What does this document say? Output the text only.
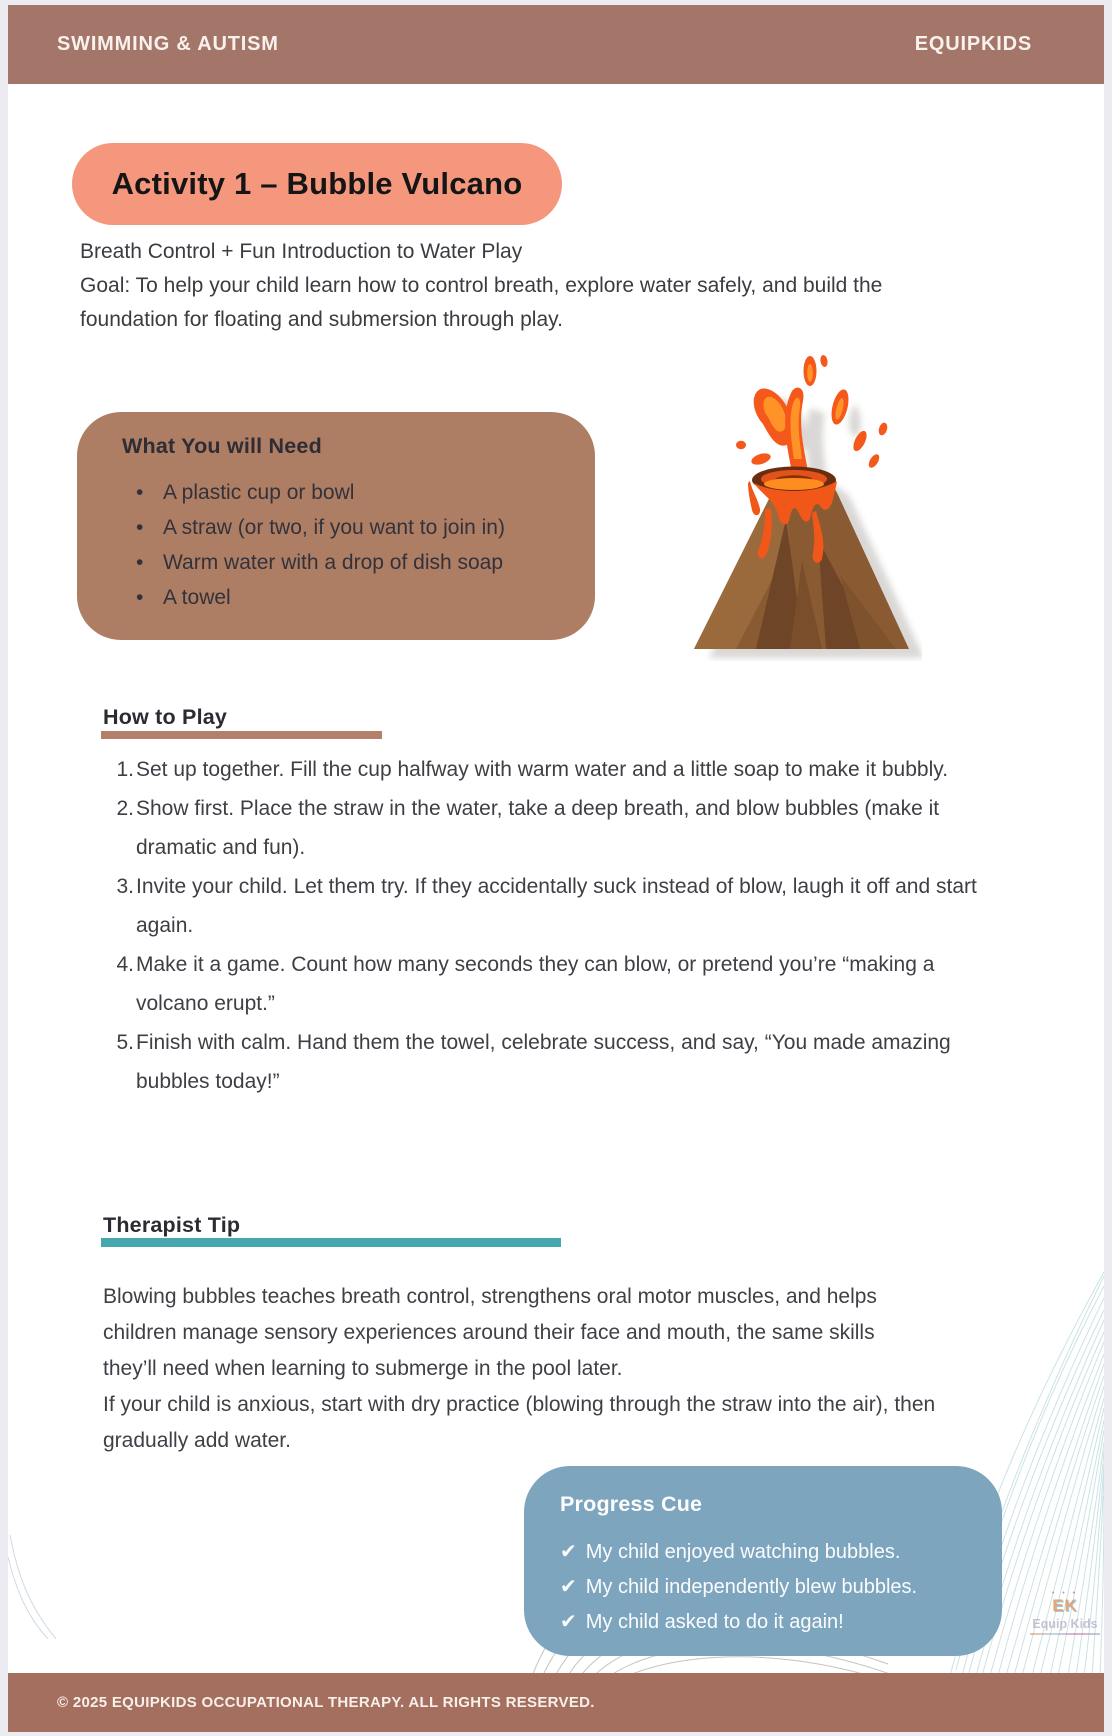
SWIMMING & AUTISM	EQUIPKIDS
Activity 1 – Bubble Vulcano

Breath Control + Fun Introduction to Water Play

Goal: To help your child learn how to control breath, explore water safely, and build the foundation for floating and submersion through play.

What You will Need
• A plastic cup or bowl
• A straw (or two, if you want to join in)
• Warm water with a drop of dish soap
• A towel
How to Play
Set up together. Fill the cup halfway with warm water and a little soap to make it bubbly.
Show first. Place the straw in the water, take a deep breath, and blow bubbles (make it dramatic and fun).
Invite your child. Let them try. If they accidentally suck instead of blow, laugh it off and start again.
Make it a game. Count how many seconds they can blow, or pretend you’re “making a volcano erupt.”
Finish with calm. Hand them the towel, celebrate success, and say, “You made amazing bubbles today!”
Therapist Tip

Blowing bubbles teaches breath control, strengthens oral motor muscles, and helps children manage sensory experiences around their face and mouth, the same skills they’ll need when learning to submerge in the pool later.

If your child is anxious, start with dry practice (blowing through the straw into the air), then gradually add water.

Progress Cue
✔ My child enjoyed watching bubbles.
✔ My child independently blew bubbles.
✔ My child asked to do it again!
• • •
EK
Equip Kids
© 2025 EQUIPKIDS OCCUPATIONAL THERAPY. ALL RIGHTS RESERVED.
